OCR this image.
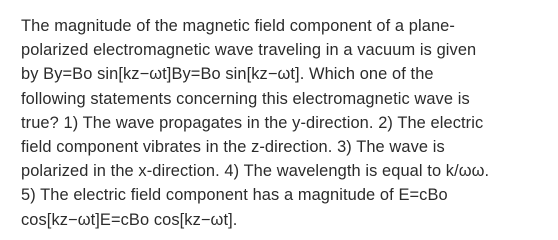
The magnitude of the magnetic field component of a plane-
polarized electromagnetic wave traveling in a vacuum is given
by By=Bo sin[kz−ωt]By=Bo sin[kz−ωt]. Which one of the
following statements concerning this electromagnetic wave is
true? 1) The wave propagates in the y-direction. 2) The electric
field component vibrates in the z-direction. 3) The wave is
polarized in the x-direction. 4) The wavelength is equal to k/ωω.
5) The electric field component has a magnitude of E=cBo
cos[kz−ωt]E=cBo cos[kz−ωt].
